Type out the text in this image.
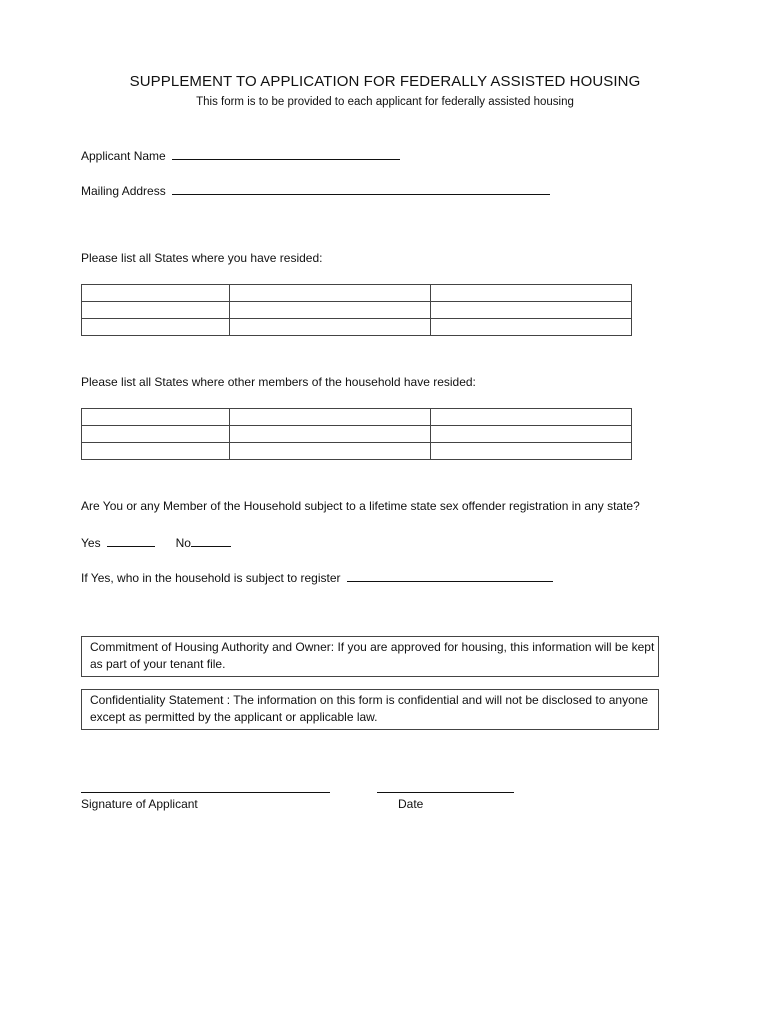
SUPPLEMENT TO APPLICATION FOR FEDERALLY ASSISTED HOUSING
This form is to be provided to each applicant for federally assisted housing
Applicant Name
Mailing Address
Please list all States where you have resided:

Please list all States where other members of the household have resided:

Are You or any Member of the Household subject to a lifetime state sex offender registration in any state?
Yes	No
If Yes, who in the household is subject to register
Commitment of Housing Authority and Owner: If you are approved for housing, this information will be kept as part of your tenant file.
Confidentiality Statement : The information on this form is confidential and will not be disclosed to anyone except as permitted by the applicant or applicable law.
Signature of Applicant	Date
